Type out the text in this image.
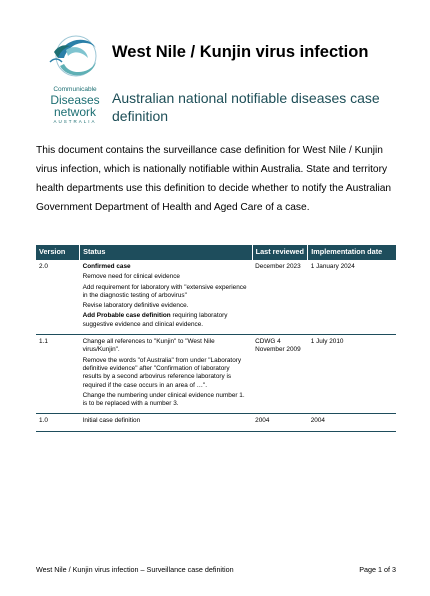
Communicable
Diseases
network
AUSTRALIA
West Nile / Kunjin virus infection
Australian national notifiable diseases case definition

This document contains the surveillance case definition for West Nile / Kunjin virus infection, which is nationally notifiable within Australia. State and territory health departments use this definition to decide whether to notify the Australian Government Department of Health and Aged Care of a case.

Version	Status	Last reviewed	Implementation date
2.0	Confirmed case
Remove need for clinical evidence
Add requirement for laboratory with "extensive experience in the diagnostic testing of arbovirus"
Revise laboratory definitive evidence.
Add Probable case definition requiring laboratory suggestive evidence and clinical evidence.	December 2023	1 January 2024
1.1	Change all references to "Kunjin" to "West Nile virus/Kunjin".
Remove the words "of Australia" from under "Laboratory definitive evidence" after "Confirmation of laboratory results by a second arbovirus reference laboratory is required if the case occurs in an area of …".
Change the numbering under clinical evidence number 1. is to be replaced with a number 3.	CDWG 4 November 2009	1 July 2010
1.0	Initial case definition	2004	2004
West Nile / Kunjin virus infection – Surveillance case definition	Page 1 of 3
